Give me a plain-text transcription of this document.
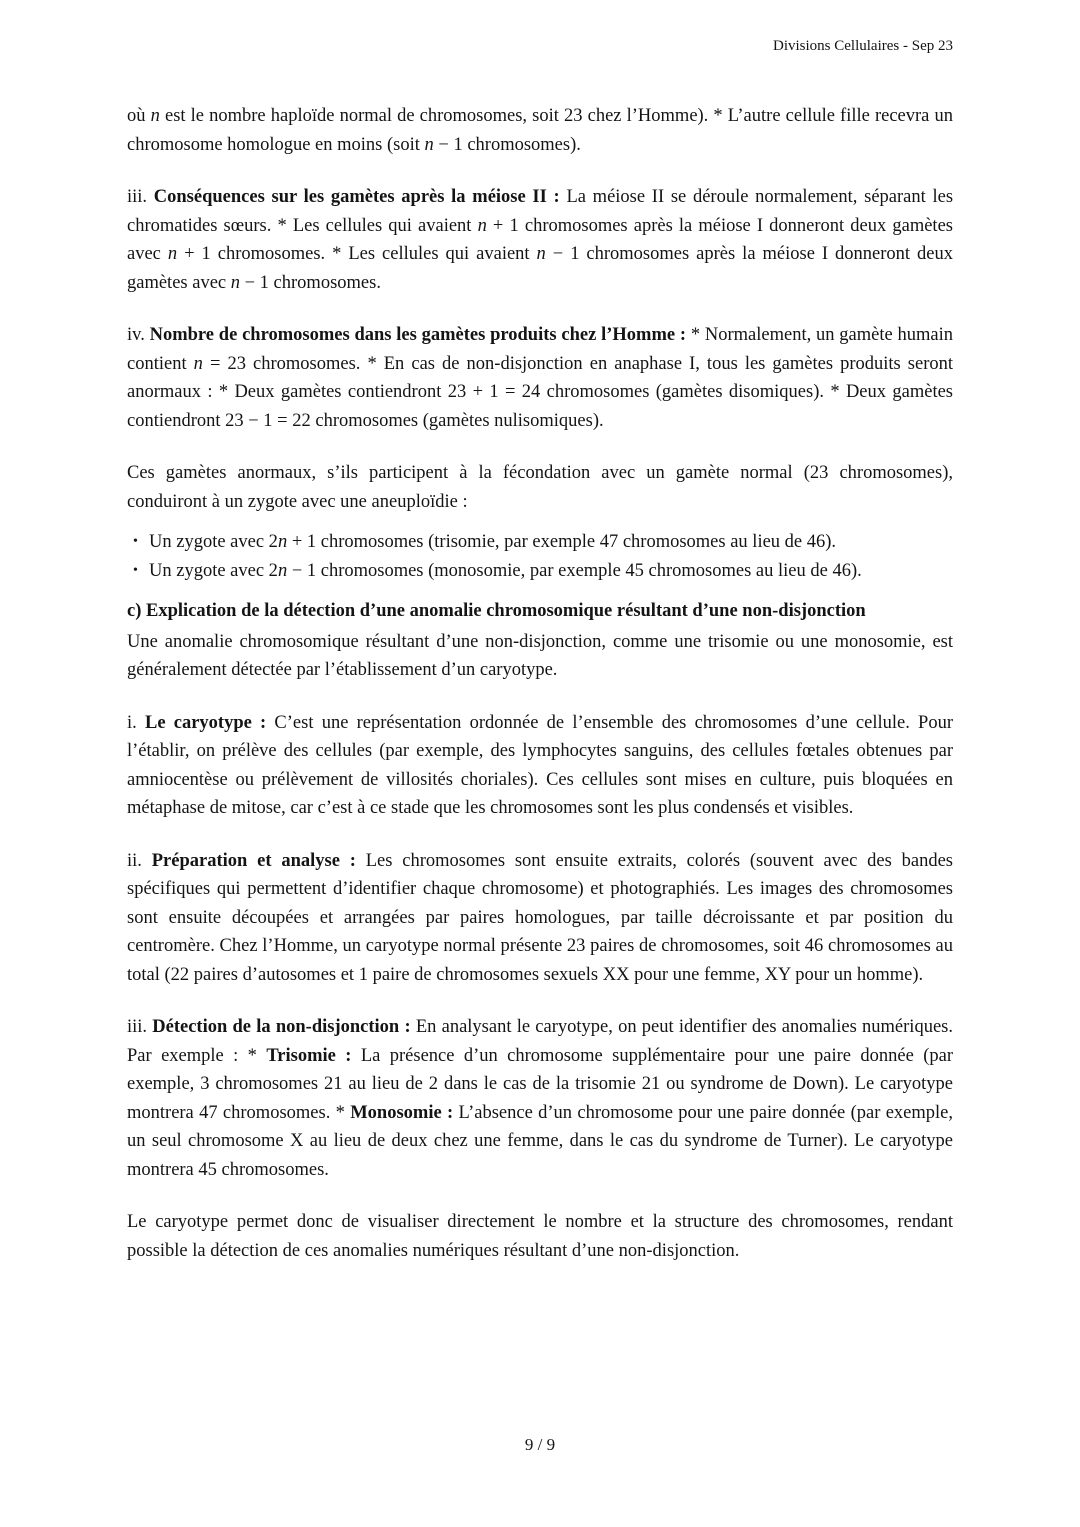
Divisions Cellulaires - Sep 23

où n est le nombre haploïde normal de chromosomes, soit 23 chez l’Homme). * L’autre cellule fille recevra un chromosome homologue en moins (soit n − 1 chromosomes).

iii. Conséquences sur les gamètes après la méiose II : La méiose II se déroule normalement, séparant les chromatides sœurs. * Les cellules qui avaient n + 1 chromosomes après la méiose I donneront deux gamètes avec n + 1 chromosomes. * Les cellules qui avaient n − 1 chromosomes après la méiose I donneront deux gamètes avec n − 1 chromosomes.

iv. Nombre de chromosomes dans les gamètes produits chez l’Homme : * Normalement, un gamète humain contient n = 23 chromosomes. * En cas de non-disjonction en anaphase I, tous les gamètes produits seront anormaux : * Deux gamètes contiendront 23 + 1 = 24 chromosomes (gamètes disomiques). * Deux gamètes contiendront 23 − 1 = 22 chromosomes (gamètes nulisomiques).

Ces gamètes anormaux, s’ils participent à la fécondation avec un gamète normal (23 chromosomes), conduiront à un zygote avec une aneuploïdie :

• Un zygote avec 2n + 1 chromosomes (trisomie, par exemple 47 chromosomes au lieu de 46).
• Un zygote avec 2n − 1 chromosomes (monosomie, par exemple 45 chromosomes au lieu de 46).

c) Explication de la détection d’une anomalie chromosomique résultant d’une non-disjonction

Une anomalie chromosomique résultant d’une non-disjonction, comme une trisomie ou une monosomie, est généralement détectée par l’établissement d’un caryotype.

i. Le caryotype : C’est une représentation ordonnée de l’ensemble des chromosomes d’une cellule. Pour l’établir, on prélève des cellules (par exemple, des lymphocytes sanguins, des cellules fœtales obtenues par amniocentèse ou prélèvement de villosités choriales). Ces cellules sont mises en culture, puis bloquées en métaphase de mitose, car c’est à ce stade que les chromosomes sont les plus condensés et visibles.

ii. Préparation et analyse : Les chromosomes sont ensuite extraits, colorés (souvent avec des bandes spécifiques qui permettent d’identifier chaque chromosome) et photographiés. Les images des chromosomes sont ensuite découpées et arrangées par paires homologues, par taille décroissante et par position du centromère. Chez l’Homme, un caryotype normal présente 23 paires de chromosomes, soit 46 chromosomes au total (22 paires d’autosomes et 1 paire de chromosomes sexuels XX pour une femme, XY pour un homme).

iii. Détection de la non-disjonction : En analysant le caryotype, on peut identifier des anomalies numériques. Par exemple : * Trisomie : La présence d’un chromosome supplémentaire pour une paire donnée (par exemple, 3 chromosomes 21 au lieu de 2 dans le cas de la trisomie 21 ou syndrome de Down). Le caryotype montrera 47 chromosomes. * Monosomie : L’absence d’un chromosome pour une paire donnée (par exemple, un seul chromosome X au lieu de deux chez une femme, dans le cas du syndrome de Turner). Le caryotype montrera 45 chromosomes.

Le caryotype permet donc de visualiser directement le nombre et la structure des chromosomes, rendant possible la détection de ces anomalies numériques résultant d’une non-disjonction.

9 / 9
